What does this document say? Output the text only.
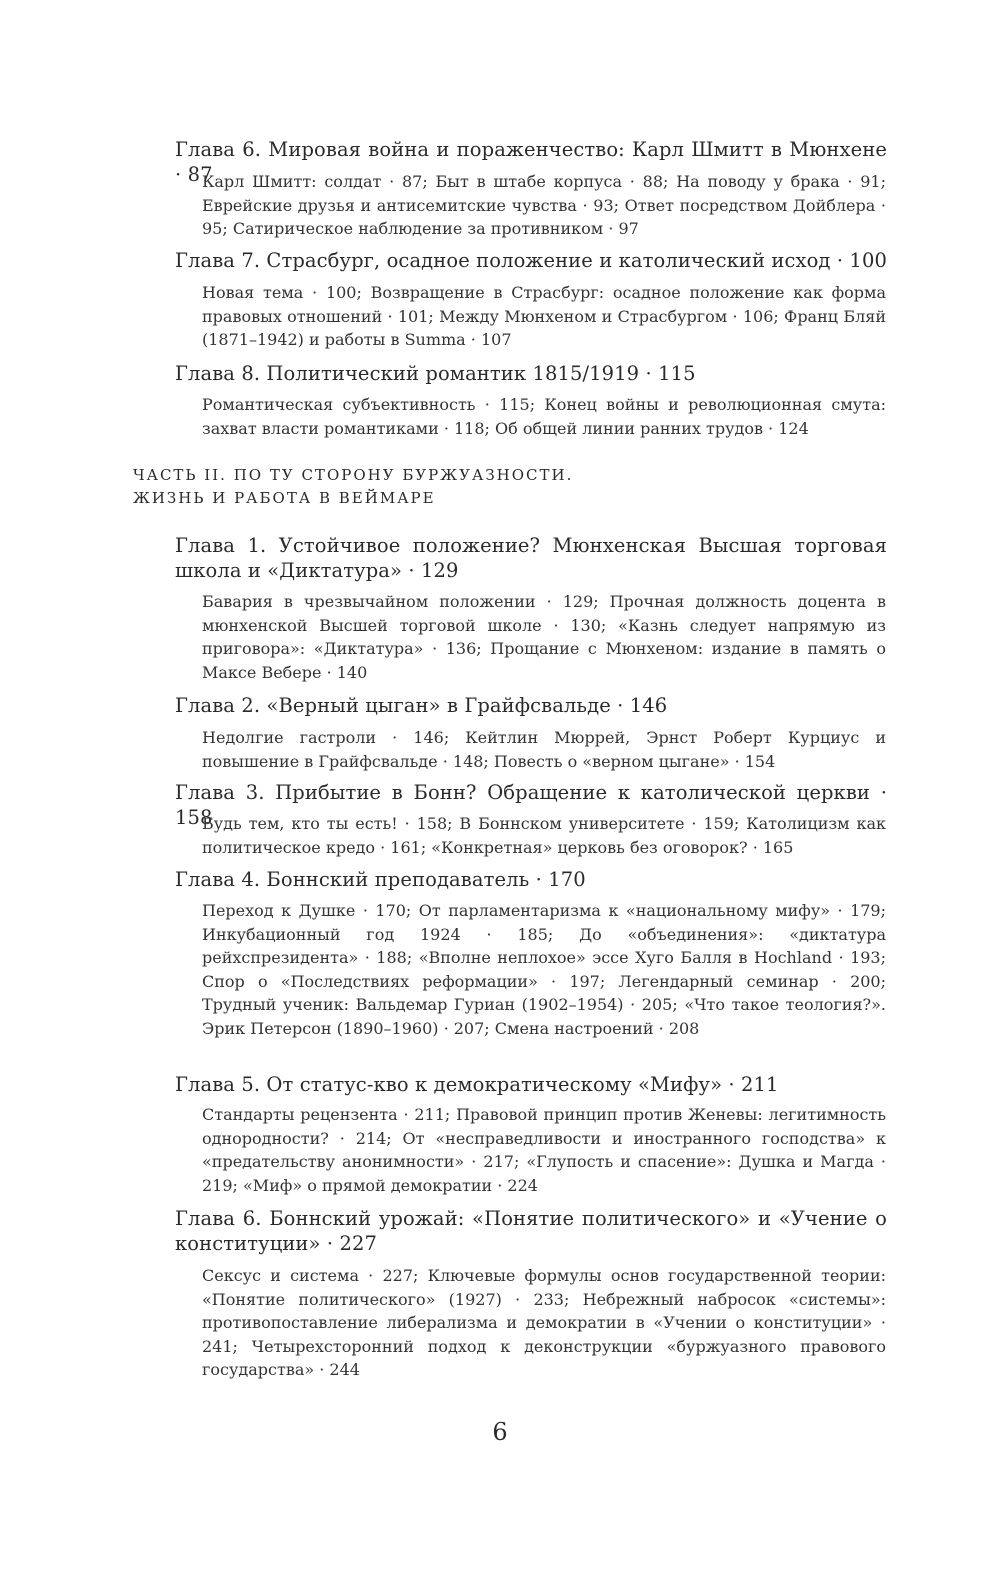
Глава 6. Мировая война и пораженчество: Карл Шмитт в Мюнхене · 87
Карл Шмитт: солдат · 87; Быт в штабе корпуса · 88; На поводу у брака · 91; Еврейские друзья и антисемитские чувства · 93; Ответ посредством Дойблера · 95; Сатирическое наблюдение за противником · 97
Глава 7. Страсбург, осадное положение и католический исход · 100
Новая тема · 100; Возвращение в Страсбург: осадное положение как форма правовых отношений · 101; Между Мюнхеном и Страсбургом · 106; Франц Бляй (1871–1942) и работы в Summa · 107
Глава 8. Политический романтик 1815/1919 · 115
Романтическая субъективность · 115; Конец войны и революционная смута: захват власти романтиками · 118; Об общей линии ранних трудов · 124
ЧАСТЬ II. ПО ТУ СТОРОНУ БУРЖУАЗНОСТИ.
ЖИЗНЬ И РАБОТА В ВЕЙМАРЕ
Глава 1. Устойчивое положение? Мюнхенская Высшая торговая школа и «Диктатура» · 129
Бавария в чрезвычайном положении · 129; Прочная должность доцента в мюнхенской Высшей торговой школе · 130; «Казнь следует напрямую из приговора»: «Диктатура» · 136; Прощание с Мюнхеном: издание в память о Максе Вебере · 140
Глава 2. «Верный цыган» в Грайфсвальде · 146
Недолгие гастроли · 146; Кейтлин Мюррей, Эрнст Роберт Курциус и повышение в Грайфсвальде · 148; Повесть о «верном цыгане» · 154
Глава 3. Прибытие в Бонн? Обращение к католической церкви · 158
Будь тем, кто ты есть! · 158; В Боннском университете · 159; Католицизм как политическое кредо · 161; «Конкретная» церковь без оговорок? · 165
Глава 4. Боннский преподаватель · 170
Переход к Душке · 170; От парламентаризма к «национальному мифу» · 179; Инкубационный год 1924 · 185; До «объединения»: «диктатура рейхспрезидента» · 188; «Вполне неплохое» эссе Хуго Балля в Hochland · 193; Спор о «Последствиях реформации» · 197; Легендарный семинар · 200; Трудный ученик: Вальдемар Гуриан (1902–1954) · 205; «Что такое теология?». Эрик Петерсон (1890–1960) · 207; Смена настроений · 208
Глава 5. От статус-кво к демократическому «Мифу» · 211
Стандарты рецензента · 211; Правовой принцип против Женевы: легитимность однородности? · 214; От «несправедливости и иностранного господства» к «предательству анонимности» · 217; «Глупость и спасение»: Душка и Магда · 219; «Миф» о прямой демократии · 224
Глава 6. Боннский урожай: «Понятие политического» и «Учение о конституции» · 227
Сексус и система · 227; Ключевые формулы основ государственной теории: «Понятие политического» (1927) · 233; Небрежный набросок «системы»: противопоставление либерализма и демократии в «Учении о конституции» · 241; Четырехсторонний подход к деконструкции «буржуазного правового государства» · 244
6
